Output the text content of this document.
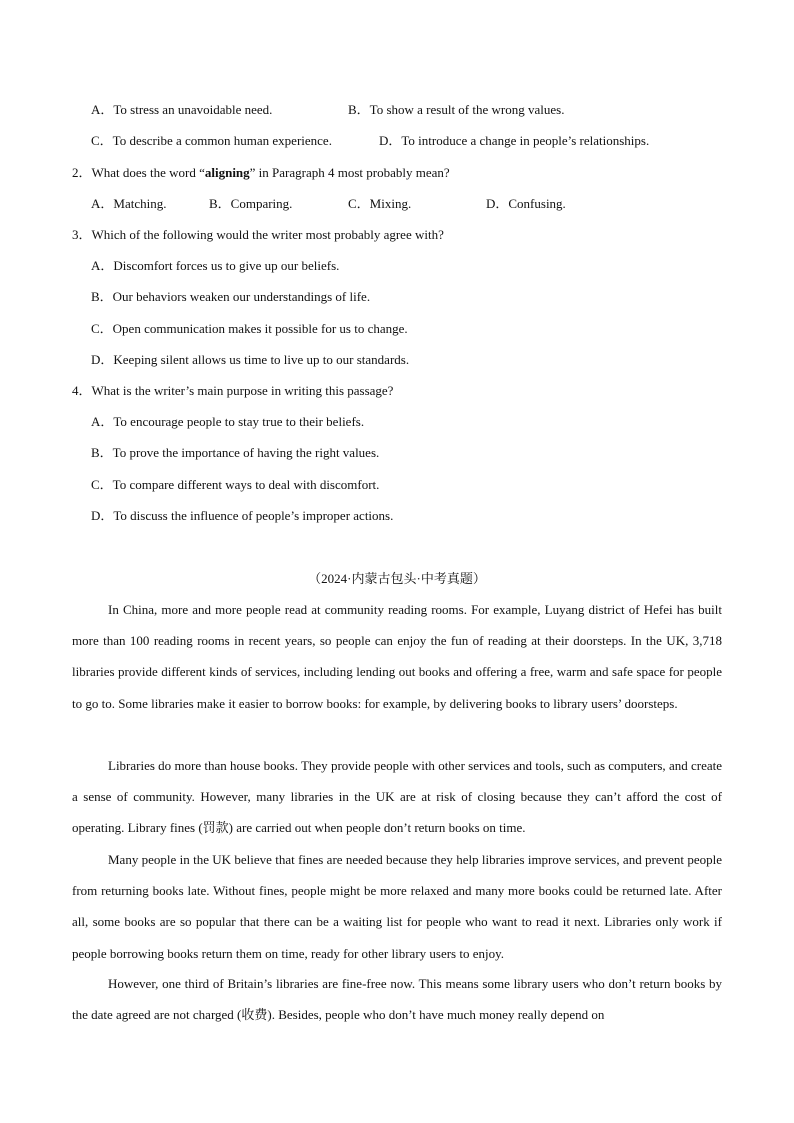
A．To stress an unavoidable need.	B．To show a result of the wrong values.
C．To describe a common human experience.	D．To introduce a change in people’s relationships.
2．What does the word “aligning” in Paragraph 4 most probably mean?
A．Matching.	B．Comparing.	C．Mixing.	D．Confusing.
3．Which of the following would the writer most probably agree with?
A．Discomfort forces us to give up our beliefs.
B．Our behaviors weaken our understandings of life.
C．Open communication makes it possible for us to change.
D．Keeping silent allows us time to live up to our standards.
4．What is the writer’s main purpose in writing this passage?
A．To encourage people to stay true to their beliefs.
B．To prove the importance of having the right values.
C．To compare different ways to deal with discomfort.
D．To discuss the influence of people’s improper actions.
（2024·内蒙古包头·中考真题）
In China, more and more people read at community reading rooms. For example, Luyang district of Hefei has built more than 100 reading rooms in recent years, so people can enjoy the fun of reading at their doorsteps. In the UK, 3,718 libraries provide different kinds of services, including lending out books and offering a free, warm and safe space for people to go to. Some libraries make it easier to borrow books: for example, by delivering books to library users’ doorsteps.
Libraries do more than house books. They provide people with other services and tools, such as computers, and create a sense of community. However, many libraries in the UK are at risk of closing because they can’t afford the cost of operating. Library fines (罚款) are carried out when people don’t return books on time.
Many people in the UK believe that fines are needed because they help libraries improve services, and prevent people from returning books late. Without fines, people might be more relaxed and many more books could be returned late. After all, some books are so popular that there can be a waiting list for people who want to read it next. Libraries only work if people borrowing books return them on time, ready for other library users to enjoy.
However, one third of Britain’s libraries are fine-free now. This means some library users who don’t return books by the date agreed are not charged (收费). Besides, people who don’t have much money really depend on
